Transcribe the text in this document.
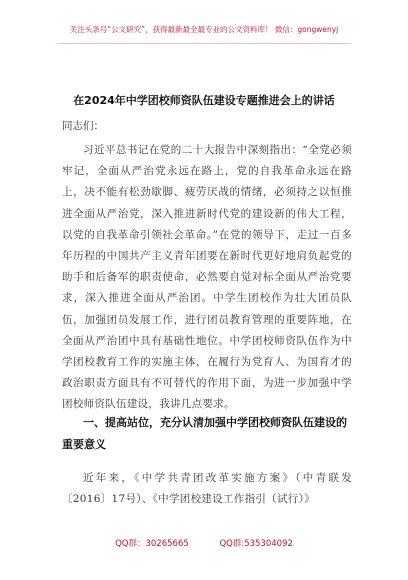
关注头条号“公文研究”，获得最新最全最专业的公文资料库！ 微信：gongwenyj
在2024年中学团校师资队伍建设专题推进会上的讲话
同志们：

习近平总书记在党的二十大报告中深刻指出：“全党必须牢记，全面从严治党永远在路上，党的自我革命永远在路上，决不能有松劲歇脚、疲劳厌战的情绪，必须持之以恒推进全面从严治党，深入推进新时代党的建设新的伟大工程，以党的自我革命引领社会革命。”在党的领导下，走过一百多年历程的中国共产主义青年团要在新时代更好地肩负起党的助手和后备军的职责使命，必然要自觉对标全面从严治党要求，深入推进全面从严治团。中学生团校作为壮大团员队伍，加强团员发展工作，进行团员教育管理的重要阵地，在全面从严治团中具有基础性地位。中学团校师资队伍作为中学团校教育工作的实施主体，在履行为党育人、为国育才的政治职责方面具有不可替代的作用下面，为进一步加强中学团校师资队伍建设，我讲几点要求。

一、提高站位，充分认清加强中学团校师资队伍建设的重要意义

近年来，《中学共青团改革实施方案》（中青联发〔2016〕17号）、《中学团校建设工作指引（试行）》

QQ群：30265665	QQ群:535304092
